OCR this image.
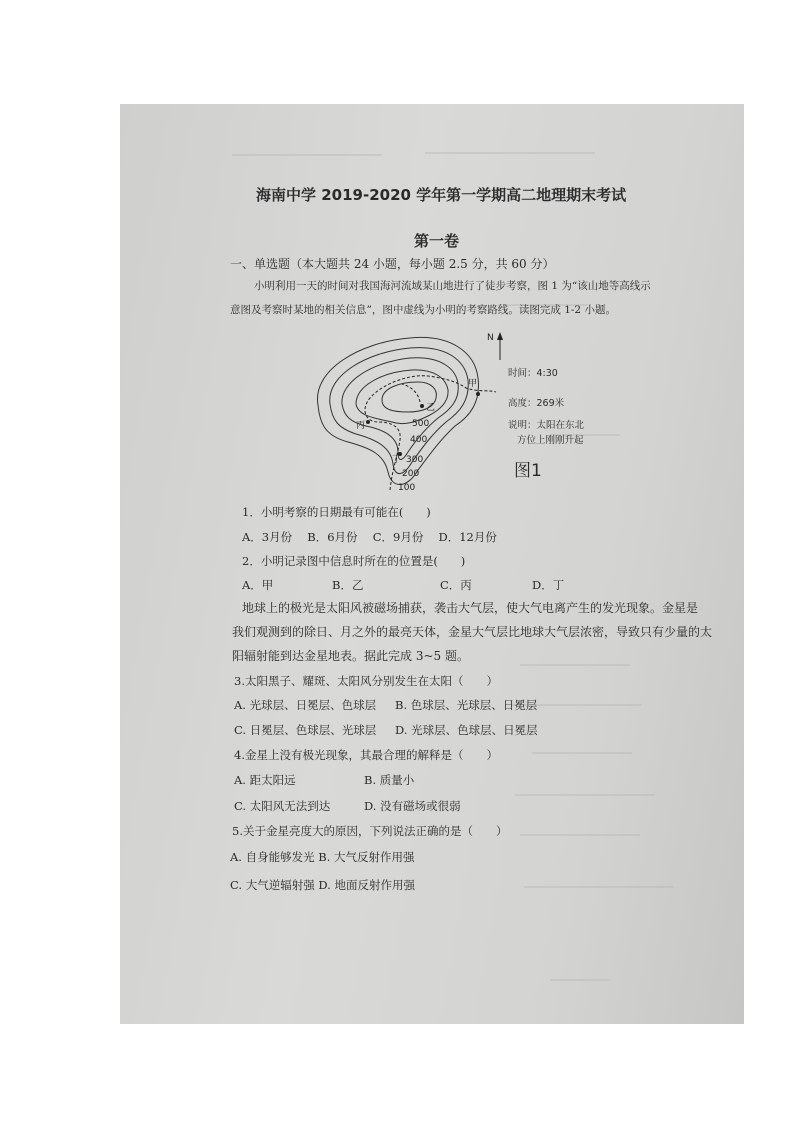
海南中学 2019-2020 学年第一学期高二地理期末考试
第一卷
一、单选题（本大题共 24 小题，每小题 2.5 分，共 60 分）
小明利用一天的时间对我国海河流域某山地进行了徒步考察，图 1 为“该山地等高线示
意图及考察时某地的相关信息”，图中虚线为小明的考察路线。读图完成 1-2 小题。
N
甲
乙
丙
丁
500
400
300
200
100
时间：4:30
高度：269米
说明：太阳在东北
方位上刚刚升起
图1
1．小明考察的日期最有可能在(　　)
A．3月份　 B．6月份　 C．9月份　 D．12月份
2．小明记录图中信息时所在的位置是(　　)
A．甲	B．乙	C．丙	D．丁
地球上的极光是太阳风被磁场捕获，袭击大气层，使大气电离产生的发光现象。金星是
我们观测到的除日、月之外的最亮天体，金星大气层比地球大气层浓密，导致只有少量的太
阳辐射能到达金星地表。据此完成 3~5 题。
3.太阳黑子、耀斑、太阳风分别发生在太阳（　　）
A. 光球层、日冕层、色球层 B. 色球层、光球层、日冕层
C. 日冕层、色球层、光球层 D. 光球层、色球层、日冕层
4.金星上没有极光现象，其最合理的解释是（　　）
A. 距太阳远	B. 质量小
C. 太阳风无法到达	D. 没有磁场或很弱
5.关于金星亮度大的原因，下列说法正确的是（　　）
A. 自身能够发光 B. 大气反射作用强
C. 大气逆辐射强 D. 地面反射作用强
